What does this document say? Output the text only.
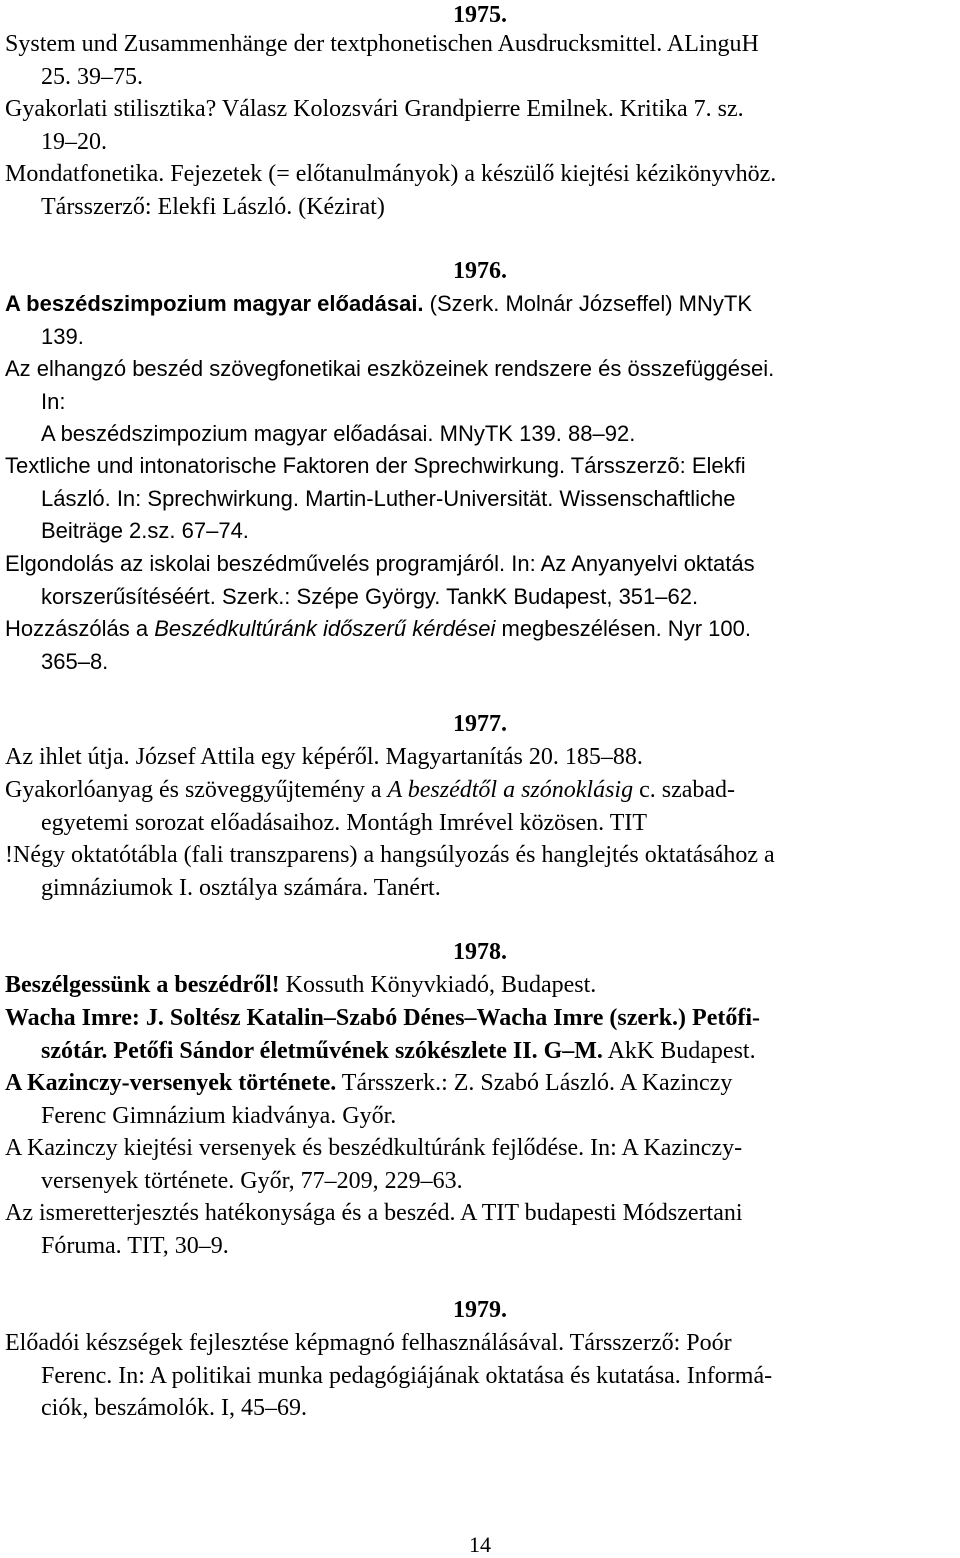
1975.
System und Zusammenhänge der textphonetischen Ausdrucksmittel. ALinguH
25. 39–75.
Gyakorlati stilisztika? Válasz Kolozsvári Grandpierre Emilnek. Kritika 7. sz.
19–20.
Mondatfonetika. Fejezetek (= előtanulmányok) a készülő kiejtési kézikönyvhöz.
Társszerző: Elekfi László. (Kézirat)
1976.
A beszédszimpozium magyar előadásai. (Szerk. Molnár Józseffel) MNyTK
139.
Az elhangzó beszéd szövegfonetikai eszközeinek rendszere és összefüggései.
In:
A beszédszimpozium magyar előadásai. MNyTK 139. 88–92.
Textliche und intonatorische Faktoren der Sprechwirkung. Társszerzõ: Elekfi
László. In: Sprechwirkung. Martin-Luther-Universität. Wissenschaftliche
Beiträge 2.sz. 67–74.
Elgondolás az iskolai beszédművelés programjáról. In: Az Anyanyelvi oktatás
korszerűsítéséért. Szerk.: Szépe György. TankK Budapest, 351–62.
Hozzászólás a Beszédkultúránk időszerű kérdései megbeszélésen. Nyr 100.
365–8.
1977.
Az ihlet útja. József Attila egy képéről. Magyartanítás 20. 185–88.
Gyakorlóanyag és szöveggyűjtemény a A beszédtől a szónoklásig c. szabad-
egyetemi sorozat előadásaihoz. Montágh Imrével közösen. TIT
!Négy oktatótábla (fali transzparens) a hangsúlyozás és hanglejtés oktatásához a
gimnáziumok I. osztálya számára. Tanért.
1978.
Beszélgessünk a beszédről! Kossuth Könyvkiadó, Budapest.
Wacha Imre: J. Soltész Katalin–Szabó Dénes–Wacha Imre (szerk.) Petőfi-
szótár. Petőfi Sándor életművének szókészlete II. G–M. AkK Budapest.
A Kazinczy-versenyek története. Társszerk.: Z. Szabó László. A Kazinczy
Ferenc Gimnázium kiadványa. Győr.
A Kazinczy kiejtési versenyek és beszédkultúránk fejlődése. In: A Kazinczy-
versenyek története. Győr, 77–209, 229–63.
Az ismeretterjesztés hatékonysága és a beszéd. A TIT budapesti Módszertani
Fóruma. TIT, 30–9.
1979.
Előadói készségek fejlesztése képmagnó felhasználásával. Társszerző: Poór
Ferenc. In: A politikai munka pedagógiájának oktatása és kutatása. Informá-
ciók, beszámolók. I, 45–69.
14
